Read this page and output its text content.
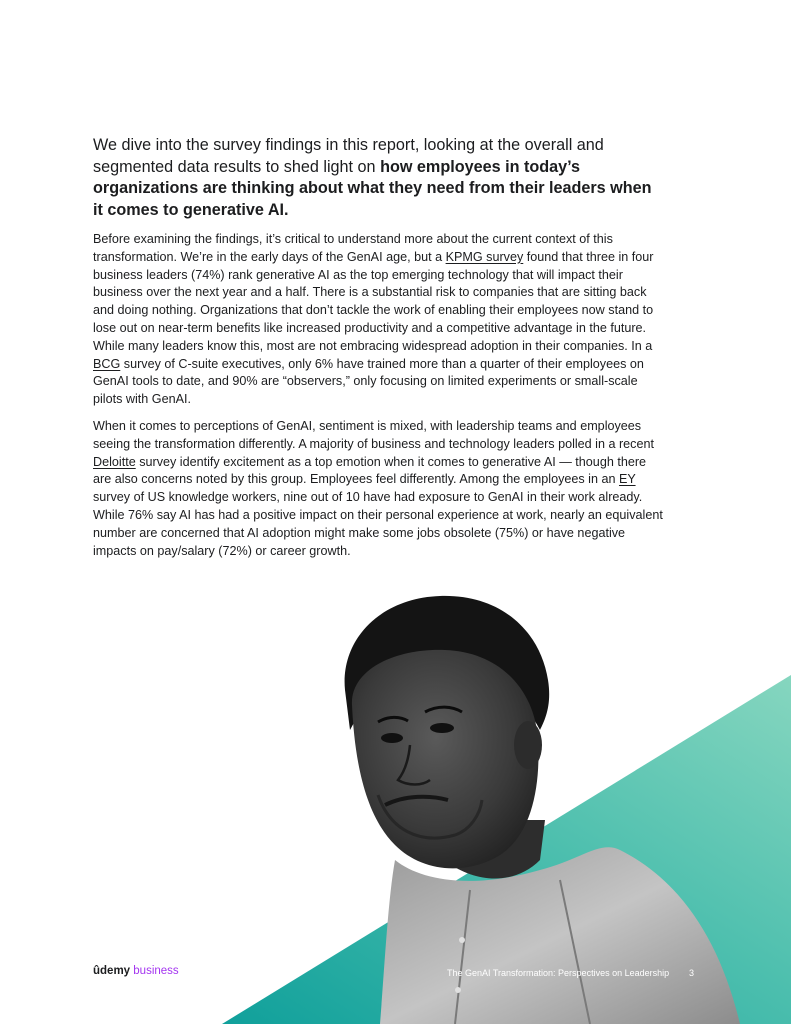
We dive into the survey findings in this report, looking at the overall and segmented data results to shed light on how employees in today’s organizations are thinking about what they need from their leaders when it comes to generative AI.

Before examining the findings, it’s critical to understand more about the current context of this transformation. We’re in the early days of the GenAI age, but a KPMG survey found that three in four business leaders (74%) rank generative AI as the top emerging technology that will impact their business over the next year and a half. There is a substantial risk to companies that are sitting back and doing nothing. Organizations that don’t tackle the work of enabling their employees now stand to lose out on near-term benefits like increased productivity and a competitive advantage in the future. While many leaders know this, most are not embracing widespread adoption in their companies. In a BCG survey of C-suite executives, only 6% have trained more than a quarter of their employees on GenAI tools to date, and 90% are “observers,” only focusing on limited experiments or small-scale pilots with GenAI.

When it comes to perceptions of GenAI, sentiment is mixed, with leadership teams and employees seeing the transformation differently. A majority of business and technology leaders polled in a recent Deloitte survey identify excitement as a top emotion when it comes to generative AI — though there are also concerns noted by this group. Employees feel differently. Among the employees in an EY survey of US knowledge workers, nine out of 10 have had exposure to GenAI in their work already. While 76% say AI has had a positive impact on their personal experience at work, nearly an equivalent number are concerned that AI adoption might make some jobs obsolete (75%) or have negative impacts on pay/salary (72%) or career growth.

ûdemy business	The GenAI Transformation: Perspectives on Leadership 3
